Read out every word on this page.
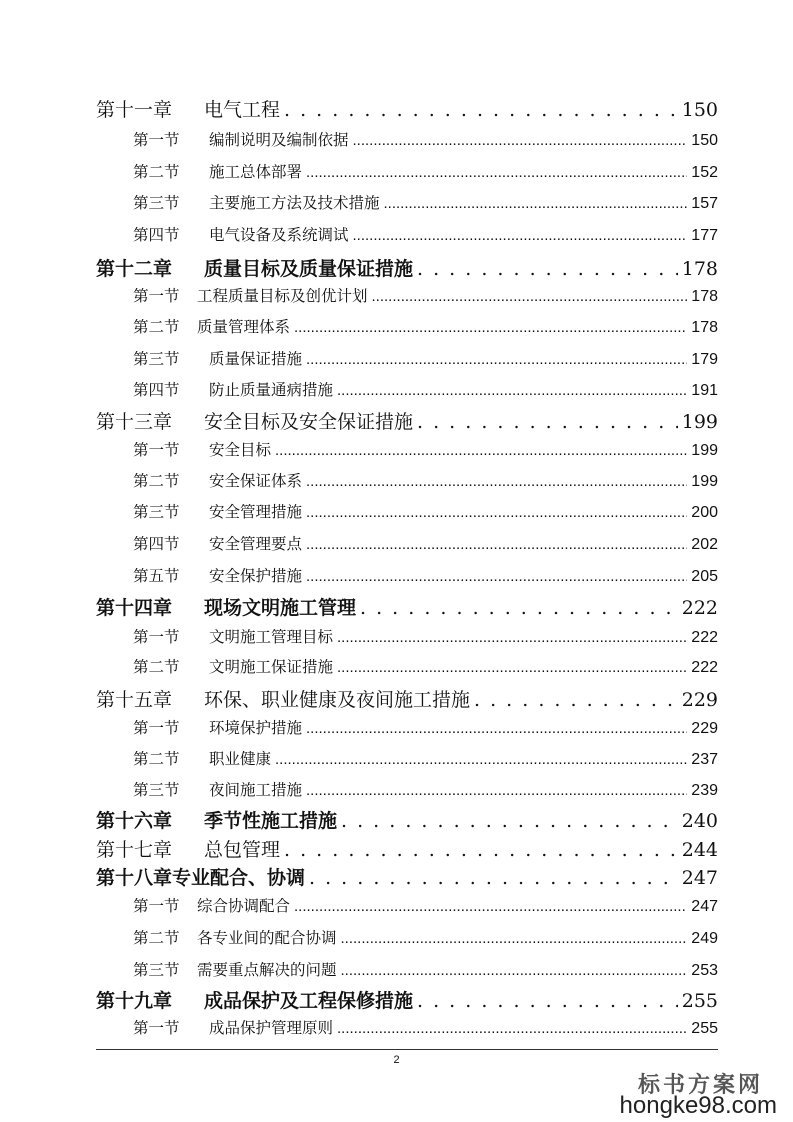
第十一章 电气工程 . . .	150
第一节 编制说明及编制依据 .....	150
第二节 施工总体部署 .....	152
第三节 主要施工方法及技术措施 .....	157
第四节 电气设备及系统调试 .....	177
第十二章 质量目标及质量保证措施 . . .	178
第一节 工程质量目标及创优计划 .....	178
第二节 质量管理体系 .....	178
第三节 质量保证措施 .....	179
第四节 防止质量通病措施 .....	191
第十三章 安全目标及安全保证措施 . . .	199
第一节 安全目标 .....	199
第二节 安全保证体系 .....	199
第三节 安全管理措施 .....	200
第四节 安全管理要点 .....	202
第五节 安全保护措施 .....	205
第十四章 现场文明施工管理 . . .	222
第一节 文明施工管理目标 .....	222
第二节 文明施工保证措施 .....	222
第十五章 环保、职业健康及夜间施工措施 . . .	229
第一节 环境保护措施 .....	229
第二节 职业健康 .....	237
第三节 夜间施工措施 .....	239
第十六章 季节性施工措施 . . .	240
第十七章 总包管理 . . .	244
第十八章专业配合、协调 . . .	247
第一节 综合协调配合 .....	247
第二节 各专业间的配合协调 .....	249
第三节 需要重点解决的问题 .....	253
第十九章 成品保护及工程保修措施 . . .	255
第一节 成品保护管理原则 .....	255
2
标书方案网
hongke98.com
